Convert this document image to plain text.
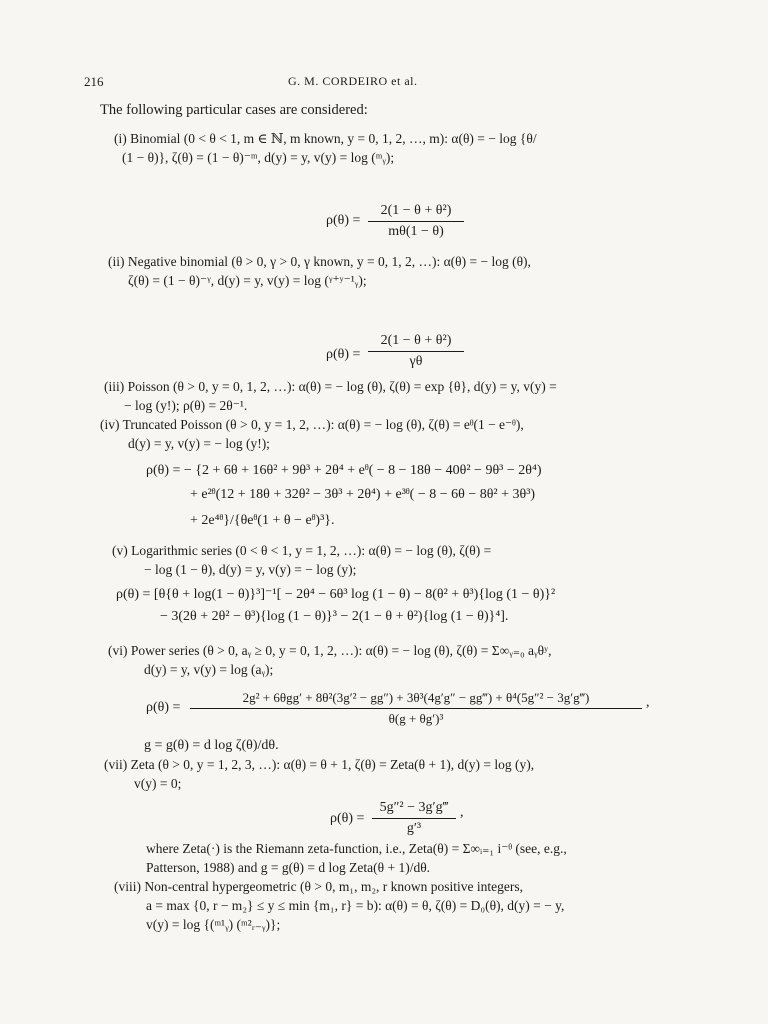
216	G. M. CORDEIRO et al.
The following particular cases are considered:
(i) Binomial (0 < θ < 1, m ∈ ℕ, m known, y = 0, 1, 2, …, m): α(θ) = − log {θ/
(1 − θ)}, ζ(θ) = (1 − θ)⁻ᵐ, d(y) = y, v(y) = log (ᵐᵧ);
ρ(θ) =
2(1 − θ + θ²)
mθ(1 − θ)
(ii) Negative binomial (θ > 0, γ > 0, γ known, y = 0, 1, 2, …): α(θ) = − log (θ),
ζ(θ) = (1 − θ)⁻ᵞ, d(y) = y, v(y) = log (ᵞ⁺ʸ⁻¹ᵧ);
ρ(θ) =
2(1 − θ + θ²)
γθ
(iii) Poisson (θ > 0, y = 0, 1, 2, …): α(θ) = − log (θ), ζ(θ) = exp {θ}, d(y) = y, v(y) =
− log (y!); ρ(θ) = 2θ⁻¹.
(iv) Truncated Poisson (θ > 0, y = 1, 2, …): α(θ) = − log (θ), ζ(θ) = eᶿ(1 − e⁻ᶿ),
d(y) = y, v(y) = − log (y!);
ρ(θ) = − {2 + 6θ + 16θ² + 9θ³ + 2θ⁴ + eᶿ( − 8 − 18θ − 40θ² − 9θ³ − 2θ⁴)
+ e²ᶿ(12 + 18θ + 32θ² − 3θ³ + 2θ⁴) + e³ᶿ( − 8 − 6θ − 8θ² + 3θ³)
+ 2e⁴ᶿ}/{θeᶿ(1 + θ − eᶿ)³}.
(v) Logarithmic series (0 < θ < 1, y = 1, 2, …): α(θ) = − log (θ), ζ(θ) =
− log (1 − θ), d(y) = y, v(y) = − log (y);
ρ(θ) = [θ{θ + log(1 − θ)}³]⁻¹[ − 2θ⁴ − 6θ³ log (1 − θ) − 8(θ² + θ³){log (1 − θ)}²
− 3(2θ + 2θ² − θ³){log (1 − θ)}³ − 2(1 − θ + θ²){log (1 − θ)}⁴].
(vi) Power series (θ > 0, aᵧ ≥ 0, y = 0, 1, 2, …): α(θ) = − log (θ), ζ(θ) = Σ∞ᵧ₌₀ aᵧθʸ,
d(y) = y, v(y) = log (aᵧ);
ρ(θ) =
2g² + 6θgg′ + 8θ²(3g′² − gg″) + 3θ³(4g′g″ − gg‴) + θ⁴(5g″² − 3g′g‴)
θ(g + θg′)³
,
g = g(θ) = d log ζ(θ)/dθ.
(vii) Zeta (θ > 0, y = 1, 2, 3, …): α(θ) = θ + 1, ζ(θ) = Zeta(θ + 1), d(y) = log (y),
v(y) = 0;
ρ(θ) =
5g″² − 3g′g‴
g′³
,
where Zeta(·) is the Riemann zeta-function, i.e., Zeta(θ) = Σ∞ᵢ₌₁ i⁻ᶿ (see, e.g.,
Patterson, 1988) and g = g(θ) = d log Zeta(θ + 1)/dθ.
(viii) Non-central hypergeometric (θ > 0, m₁, m₂, r known positive integers,
a = max {0, r − m₂} ≤ y ≤ min {m₁, r} = b): α(θ) = θ, ζ(θ) = D₀(θ), d(y) = − y,
v(y) = log {(ᵐ¹ᵧ) (ᵐ²ᵣ₋ᵧ)};
